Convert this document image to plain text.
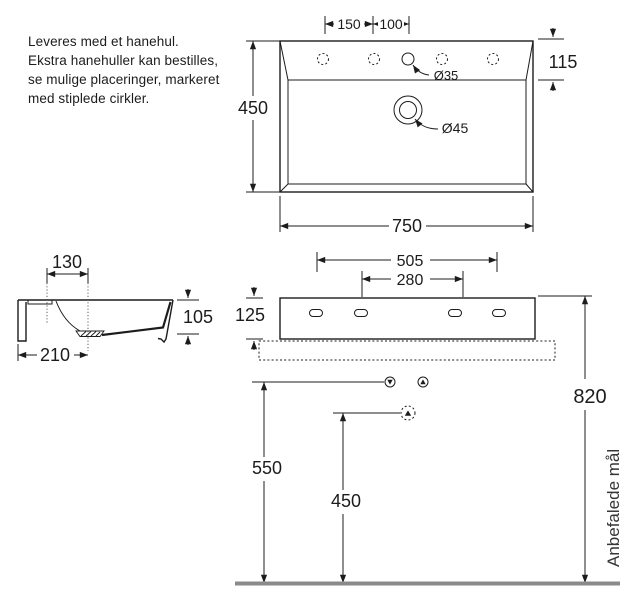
Leveres med et hanehul.
Ekstra hanehuller kan bestilles,
se mulige placeringer, markeret
med stiplede cirkler.
Ø35
Ø45
150 100
450
750
115
130
105
210
505
280
125
550
450
820
Anbefalede mål
